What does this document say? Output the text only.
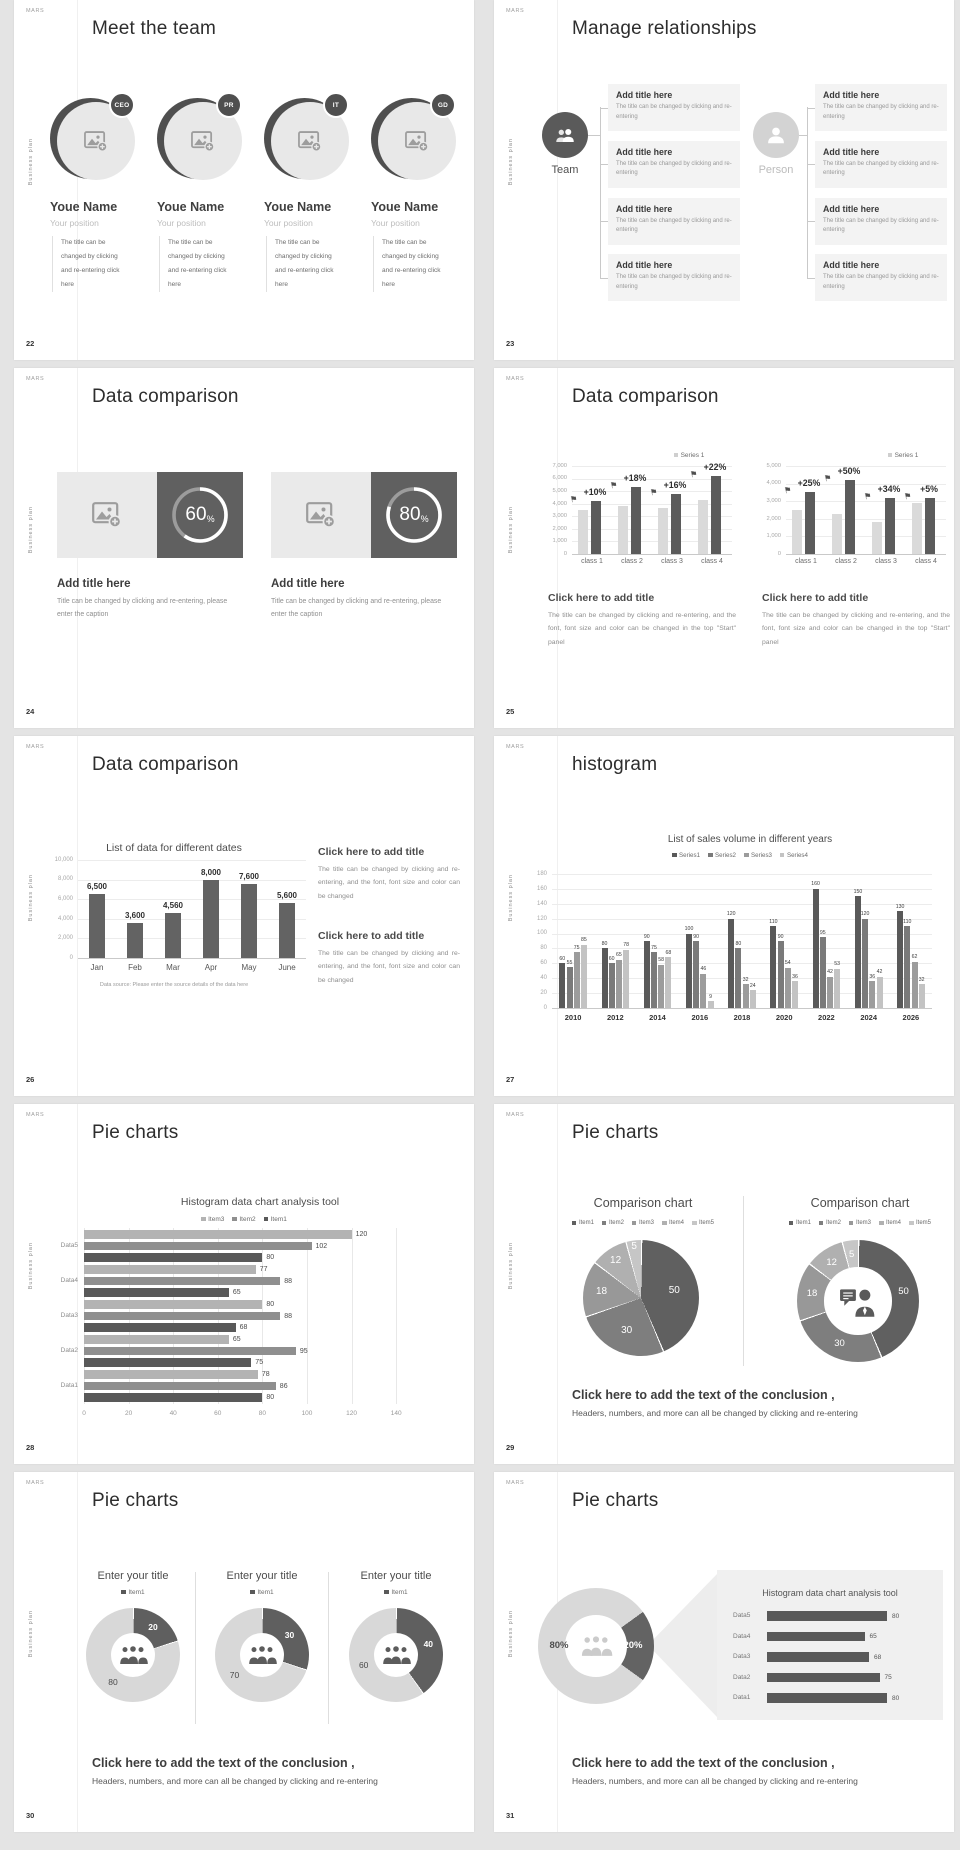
MARS
Business plan
Meet the team
22
CEO
Youe Name
Your position
The title can be changed by clicking and re-entering click here
PR
Youe Name
Your position
The title can be changed by clicking and re-entering click here
IT
Youe Name
Your position
The title can be changed by clicking and re-entering click here
GD
Youe Name
Your position
The title can be changed by clicking and re-entering click here
MARS
Business plan
Manage relationships
23
Team
Add title here
The title can be changed by clicking and re-entering
Add title here
The title can be changed by clicking and re-entering
Add title here
The title can be changed by clicking and re-entering
Add title here
The title can be changed by clicking and re-entering
Person
Add title here
The title can be changed by clicking and re-entering
Add title here
The title can be changed by clicking and re-entering
Add title here
The title can be changed by clicking and re-entering
Add title here
The title can be changed by clicking and re-entering
MARS
Business plan
Data comparison
24
60 %
Add title here
Title can be changed by clicking and re-entering, please enter the caption
80 %
Add title here
Title can be changed by clicking and re-entering, please enter the caption
MARS
Business plan
Data comparison
25
Click here to add title
The title can be changed by clicking and re-entering, and the font, font size and color can be changed in the top "Start" panel
Click here to add title
The title can be changed by clicking and re-entering, and the font, font size and color can be changed in the top "Start" panel
0
1,000
2,000
3,000
4,000
5,000
6,000
7,000
Series 1
class 1
+10%
⚑
class 2
+18%
⚑
class 3
+16%
⚑
class 4
+22%
⚑
0
1,000
2,000
3,000
4,000
5,000
Series 1
class 1
+25%
⚑
class 2
+50%
⚑
class 3
+34%
⚑
class 4
+5%
⚑
MARS
Business plan
Data comparison
26
List of data for different dates
Data source: Please enter the source details of the data here
Click here to add title
The title can be changed by clicking and re-entering, and the font, font size and color can be changed
Click here to add title
The title can be changed by clicking and re-entering, and the font, font size and color can be changed
0
2,000
4,000
6,000
8,000
10,000
6,500
Jan
3,600
Feb
4,560
Mar
8,000
Apr
7,600
May
5,600
June
MARS
Business plan
histogram
27
List of sales volume in different years
Series1 Series2 Series3 Series4
0
20
40
60
80
100
120
140
160
180
60
55
75
85
2010
80
60
65
78
2012
90
75
58
68
2014
100
90
46
9
2016
120
80
32
24
2018
110
90
54
36
2020
160
95
42
53
2022
150
120
36
42
2024
130
110
62
32
2026
MARS
Business plan
Pie charts
28
Histogram data chart analysis tool
Item3 Item2 Item1
0	20	40	60	80	100	120	140
Data5
120
102
80
Data4
77
88
65
Data3
80
88
68
Data2
65
95
75
Data1
78
86
80
MARS
Business plan
Pie charts
29
Comparison chart	Comparison chart
Click here to add the text of the conclusion ,
Headers, numbers, and more can all be changed by clicking and re-entering
Item1	Item2	Item3	Item4	Item5
50
30
18
12
5
Item1	Item2	Item3	Item4	Item5
50
30
18
12
5
MARS
Business plan
Pie charts
30
Enter your title	Enter your title	Enter your title
Click here to add the text of the conclusion ,
Headers, numbers, and more can all be changed by clicking and re-entering
Item1
20
80
Item1
30
70
Item1
40
60
MARS
Business plan
Pie charts
31
Click here to add the text of the conclusion ,
Headers, numbers, and more can all be changed by clicking and re-entering
Histogram data chart analysis tool
Data5	80
Data4	65
Data3	68
Data2	75
Data1	80
20%
80%
